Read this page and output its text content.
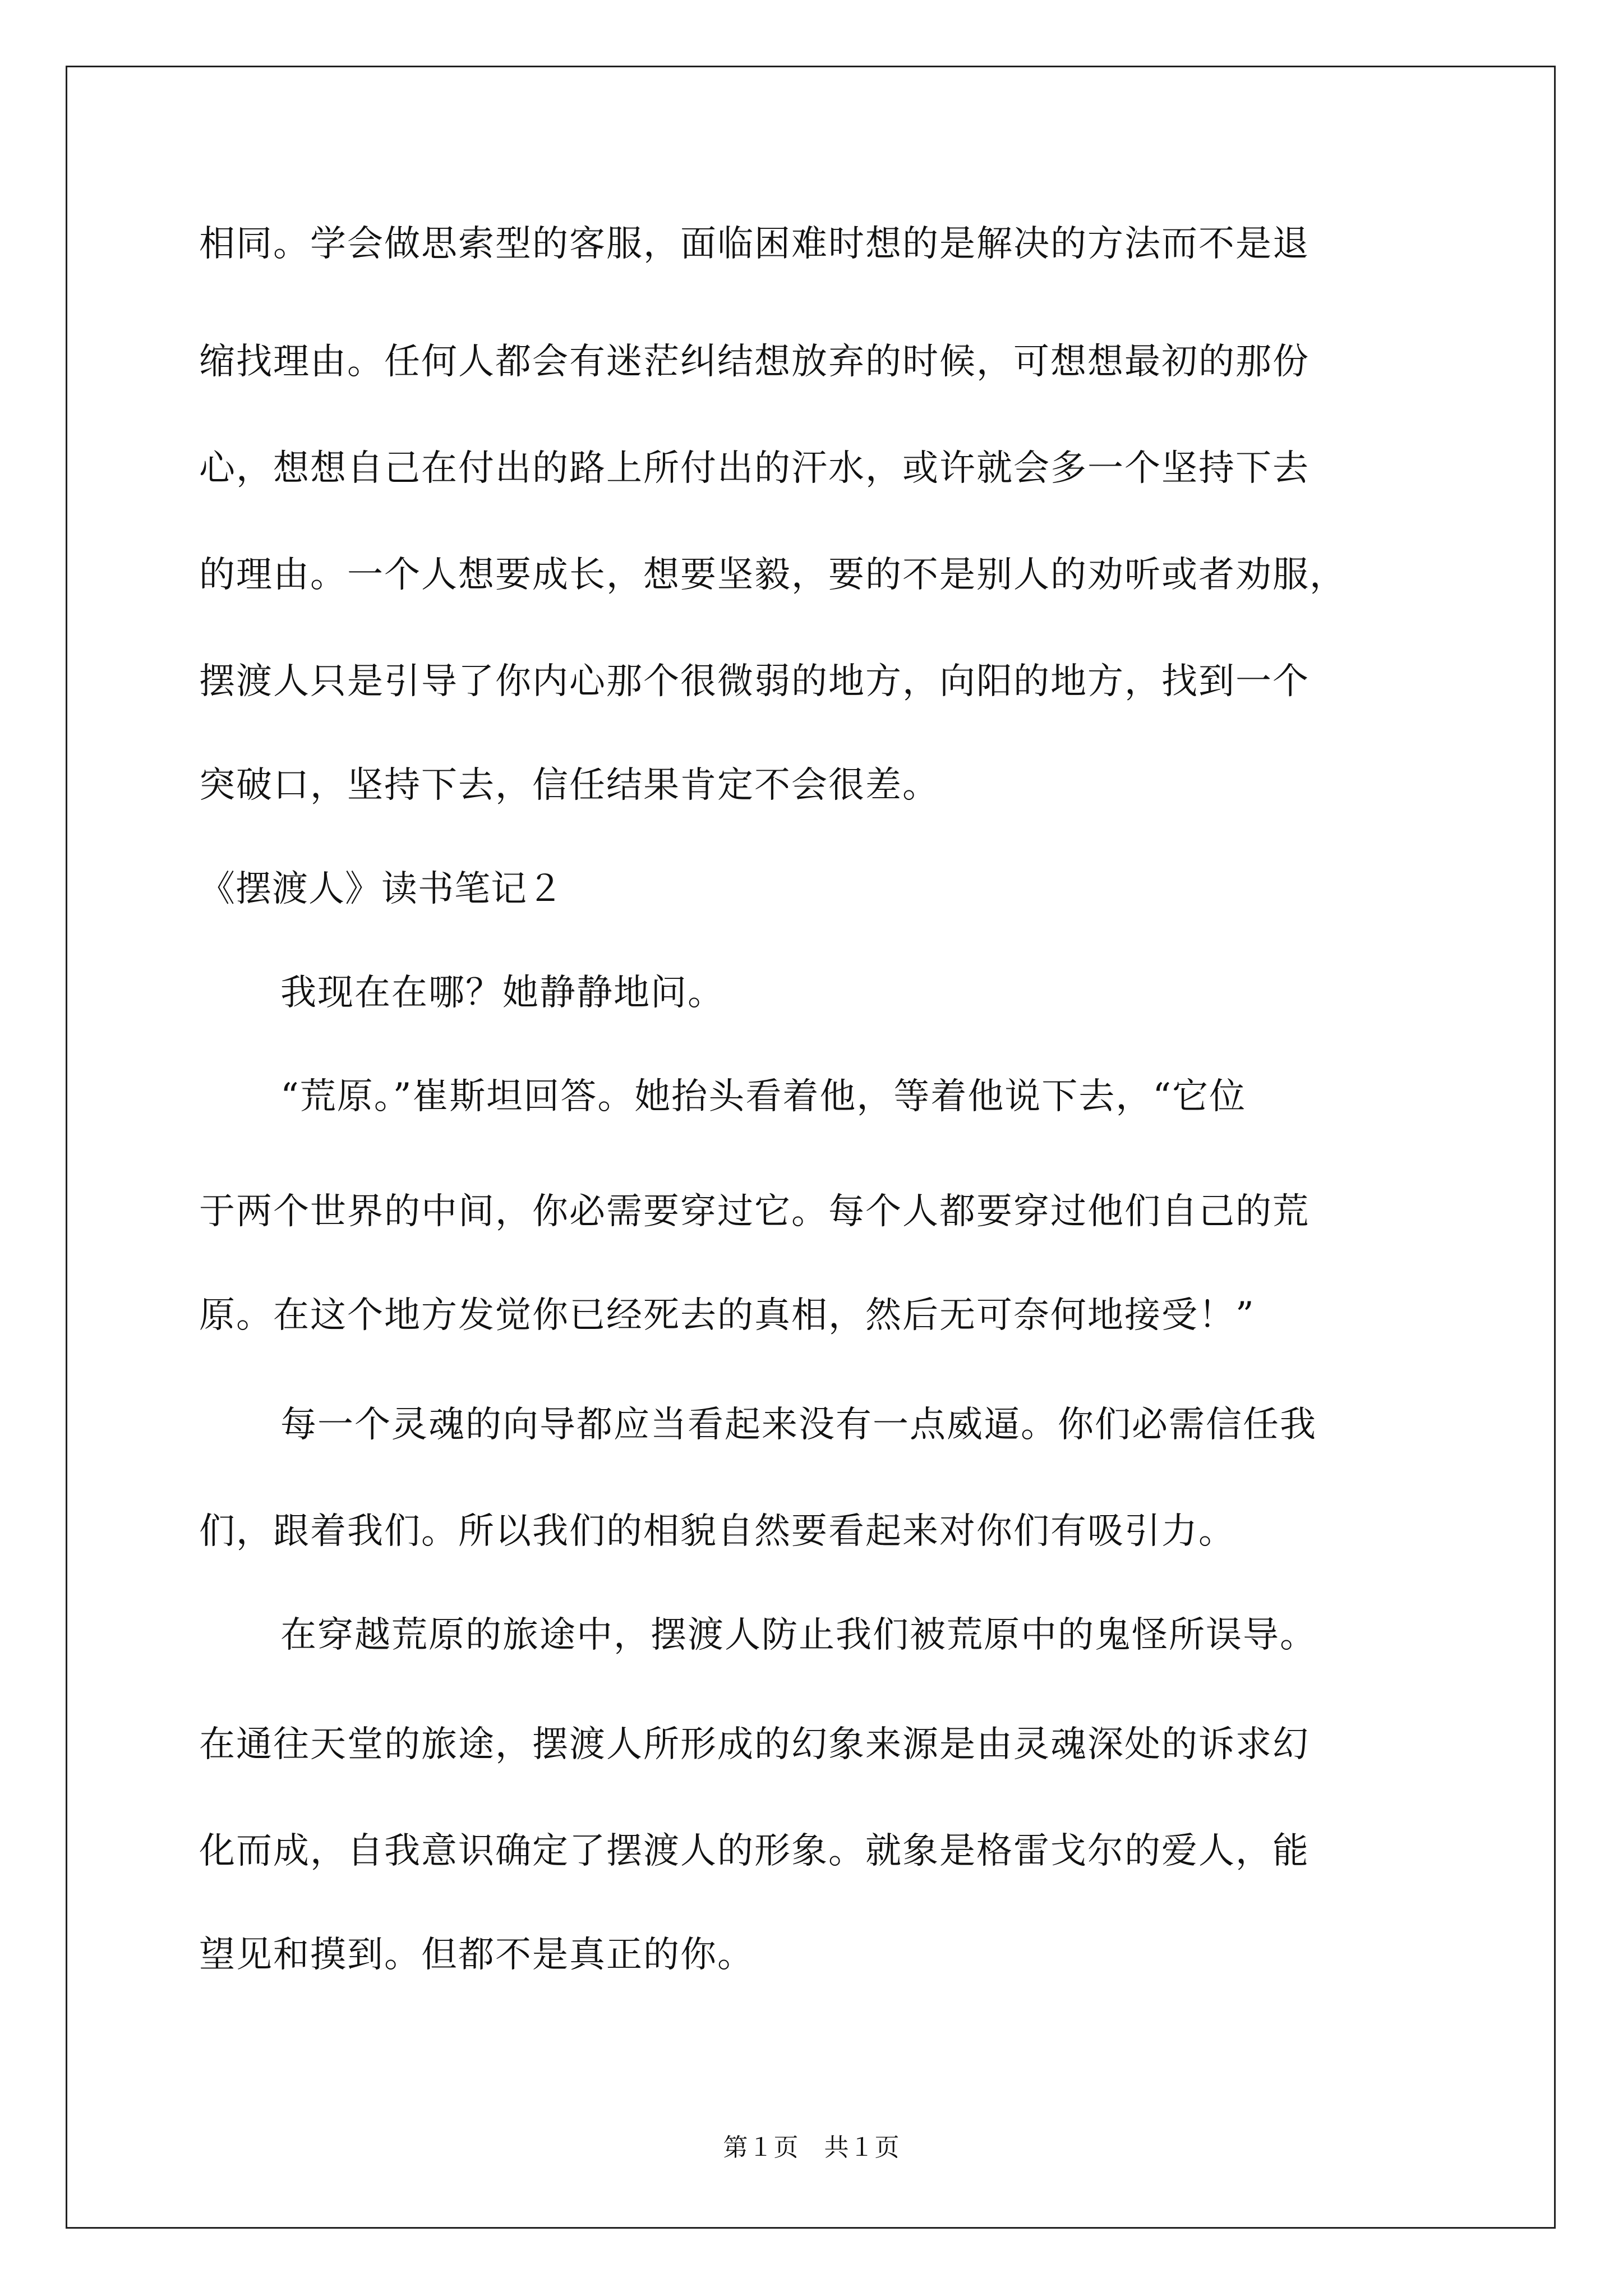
相同。学会做思索型的客服，面临困难时想的是解决的方法而不是退
缩找理由。任何人都会有迷茫纠结想放弃的时候，可想想最初的那份
心，想想自己在付出的路上所付出的汗水，或许就会多一个坚持下去
的理由。一个人想要成长，想要坚毅，要的不是别人的劝听或者劝服，
摆渡人只是引导了你内心那个很微弱的地方，向阳的地方，找到一个
突破口，坚持下去，信任结果肯定不会很差。
《摆渡人》读书笔记２
我现在在哪？她静静地问。
“荒原。”崔斯坦回答。她抬头看着他，等着他说下去，“它位
于两个世界的中间，你必需要穿过它。每个人都要穿过他们自己的荒
原。在这个地方发觉你已经死去的真相，然后无可奈何地接受！”
每一个灵魂的向导都应当看起来没有一点威逼。你们必需信任我
们，跟着我们。所以我们的相貌自然要看起来对你们有吸引力。
在穿越荒原的旅途中，摆渡人防止我们被荒原中的鬼怪所误导。
在通往天堂的旅途，摆渡人所形成的幻象来源是由灵魂深处的诉求幻
化而成，自我意识确定了摆渡人的形象。就象是格雷戈尔的爱人，能
望见和摸到。但都不是真正的你。
第１页　共１页
